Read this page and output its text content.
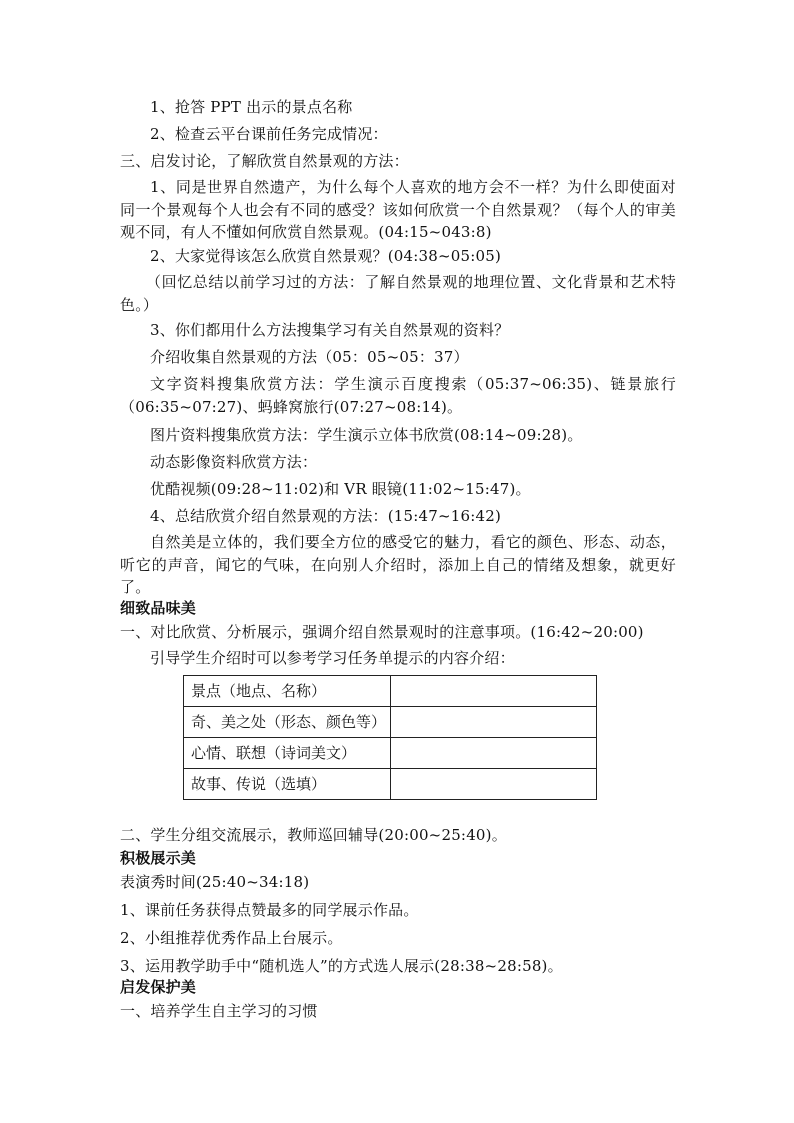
1、抢答 PPT 出示的景点名称
2、检查云平台课前任务完成情况：
三、启发讨论，了解欣赏自然景观的方法：
1、同是世界自然遗产，为什么每个人喜欢的地方会不一样？为什么即使面对同一个景观每个人也会有不同的感受？该如何欣赏一个自然景观？（每个人的审美观不同，有人不懂如何欣赏自然景观。(04:15~043:8)
2、大家觉得该怎么欣赏自然景观？(04:38~05:05)
（回忆总结以前学习过的方法：了解自然景观的地理位置、文化背景和艺术特色。）
3、你们都用什么方法搜集学习有关自然景观的资料？
介绍收集自然景观的方法（05：05~05：37）
文字资料搜集欣赏方法：学生演示百度搜索（05:37~06:35)、链景旅行（06:35~07:27)、蚂蜂窝旅行(07:27~08:14)。
图片资料搜集欣赏方法：学生演示立体书欣赏(08:14~09:28)。
动态影像资料欣赏方法：
优酷视频(09:28~11:02)和 VR 眼镜(11:02~15:47)。
4、总结欣赏介绍自然景观的方法：(15:47~16:42)
自然美是立体的，我们要全方位的感受它的魅力，看它的颜色、形态、动态，听它的声音，闻它的气味，在向别人介绍时，添加上自己的情绪及想象，就更好了。
细致品味美
一、对比欣赏、分析展示，强调介绍自然景观时的注意事项。(16:42~20:00)
引导学生介绍时可以参考学习任务单提示的内容介绍：
景点（地点、名称）	
奇、美之处（形态、颜色等）	
心情、联想（诗词美文）	
故事、传说（选填）	
二、学生分组交流展示，教师巡回辅导(20:00~25:40)。
积极展示美
表演秀时间(25:40~34:18)
1、课前任务获得点赞最多的同学展示作品。
2、小组推荐优秀作品上台展示。
3、运用教学助手中“随机选人”的方式选人展示(28:38~28:58)。
启发保护美
一、培养学生自主学习的习惯
